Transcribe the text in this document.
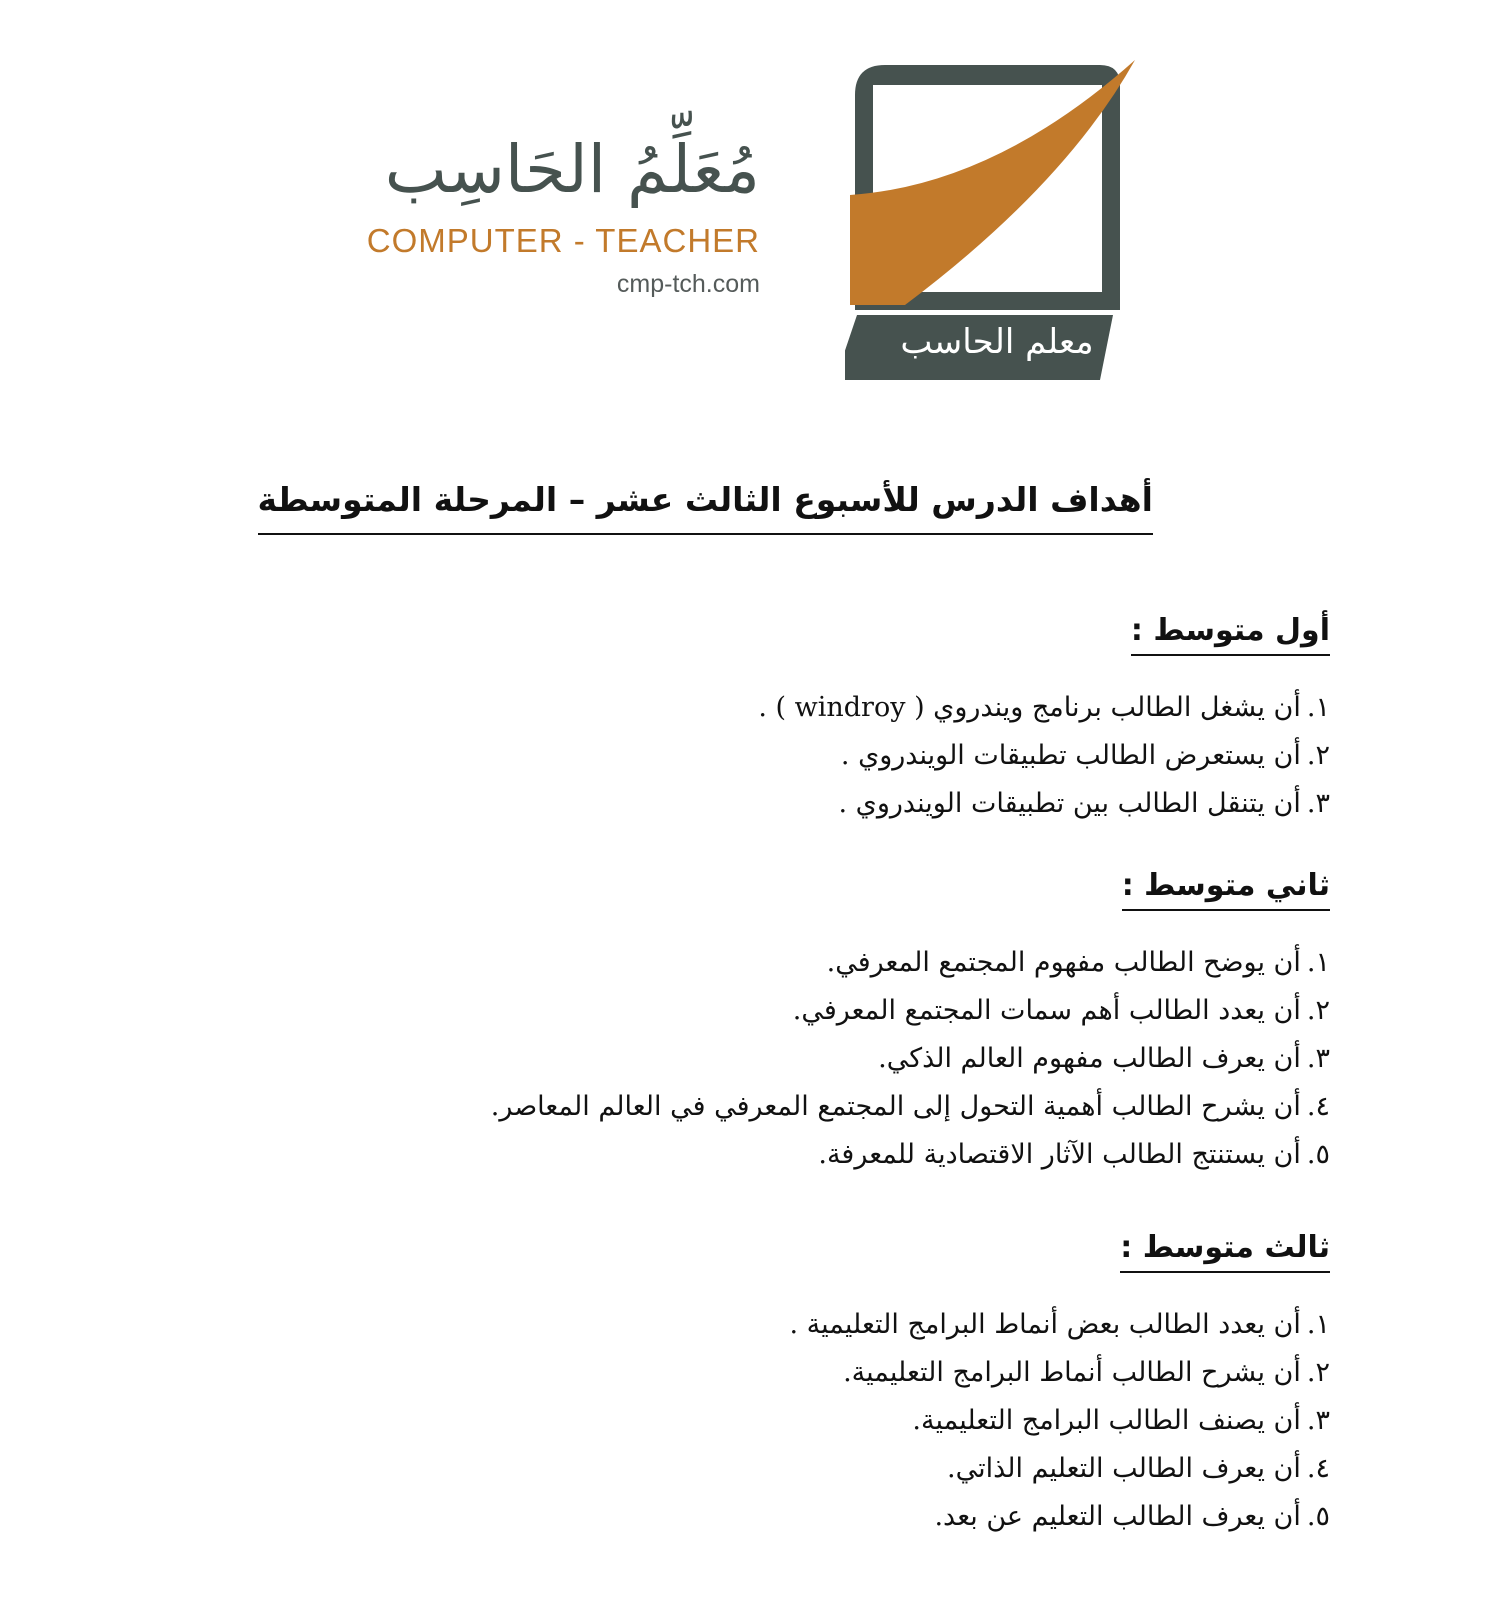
مُعَلِّمُ الحَاسِب
COMPUTER - TEACHER
cmp-tch.com
معلم الحاسب
أهداف الدرس للأسبوع الثالث عشر – المرحلة المتوسطة
أول متوسط :
١.أن يشغل الطالب برنامج ويندروي ( windroy ) .
٢.أن يستعرض الطالب تطبيقات الويندروي .
٣.أن يتنقل الطالب بين تطبيقات الويندروي .
ثاني متوسط :
١.أن يوضح الطالب مفهوم المجتمع المعرفي.
٢.أن يعدد الطالب أهم سمات المجتمع المعرفي.
٣.أن يعرف الطالب مفهوم العالم الذكي.
٤.أن يشرح الطالب أهمية التحول إلى المجتمع المعرفي في العالم المعاصر.
٥.أن يستنتج الطالب الآثار الاقتصادية للمعرفة.
ثالث متوسط :
١.أن يعدد الطالب بعض أنماط البرامج التعليمية .
٢.أن يشرح الطالب أنماط البرامج التعليمية.
٣.أن يصنف الطالب البرامج التعليمية.
٤.أن يعرف الطالب التعليم الذاتي.
٥.أن يعرف الطالب التعليم عن بعد.
